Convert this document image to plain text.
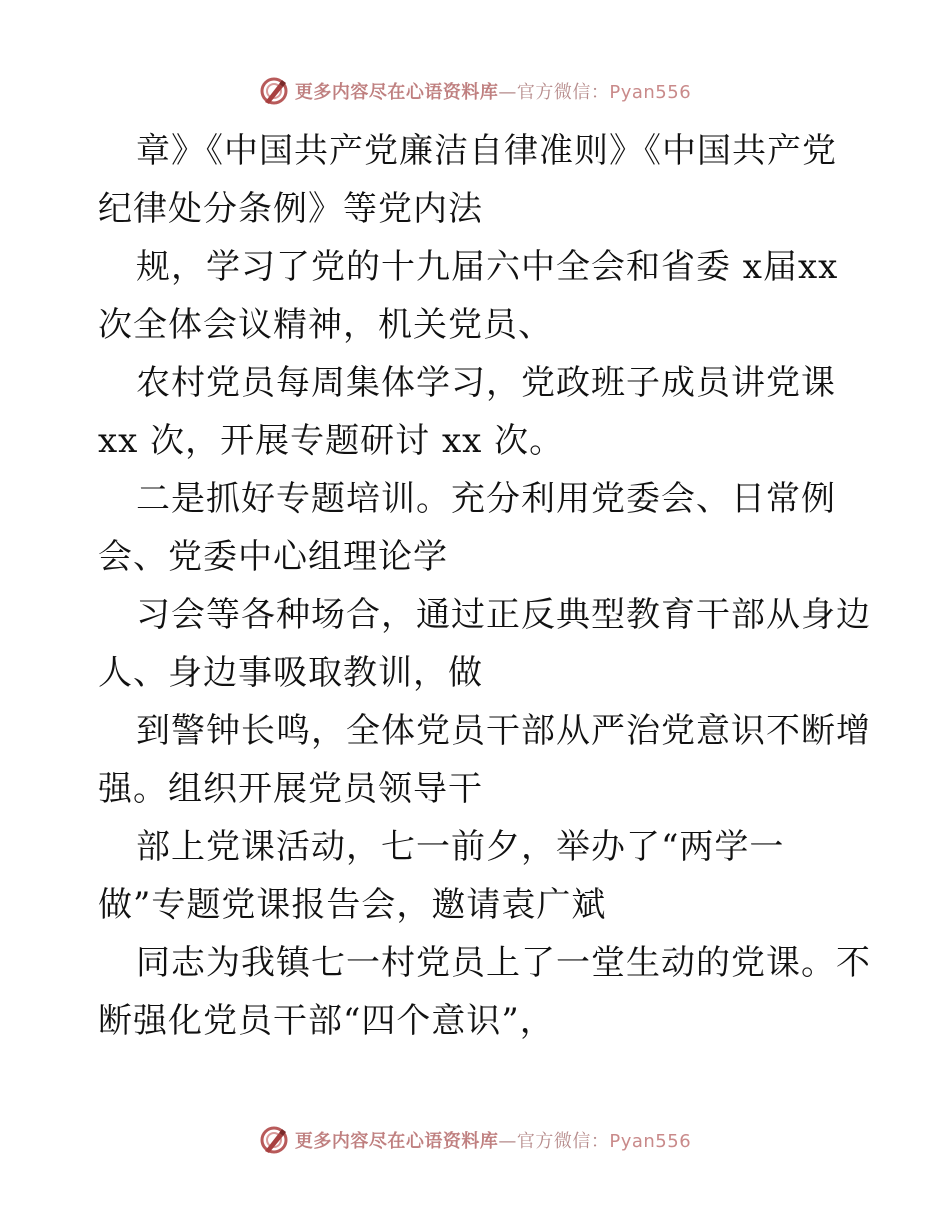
更多内容尽在心语资料库—官方微信：Pyan556
章》《中国共产党廉洁自律准则》《中国共产党
纪律处分条例》等党内法
规，学习了党的十九届六中全会和省委 x届xx
次全体会议精神，机关党员、
农村党员每周集体学习，党政班子成员讲党课
xx 次，开展专题研讨 xx 次。
二是抓好专题培训。充分利用党委会、日常例
会、党委中心组理论学
习会等各种场合，通过正反典型教育干部从身边
人、身边事吸取教训，做
到警钟长鸣，全体党员干部从严治党意识不断增
强。组织开展党员领导干
部上党课活动，七一前夕，举办了“两学一
做”专题党课报告会，邀请袁广斌
同志为我镇七一村党员上了一堂生动的党课。不
断强化党员干部“四个意识”，
更多内容尽在心语资料库—官方微信：Pyan556
